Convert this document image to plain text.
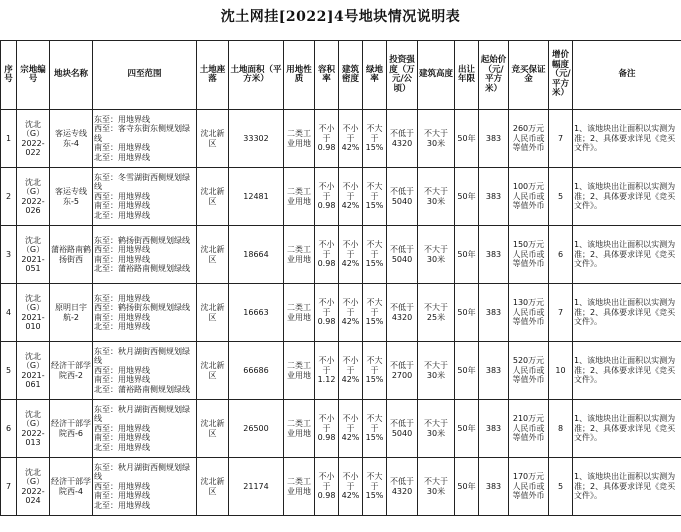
沈土网挂[2022]4号地块情况说明表
序号	宗地编号	地块名称	四至范围	土地座落	土地面积（平方米）	用地性质	容积率	建筑密度	绿地率	投资强度（万元/公顷）	建筑高度	出让年限	起始价（元/平方米）	竞买保证金	增价幅度（元/平方米）	备注
1	沈北（G）2022-022	客运专线东-4	东至：用地界线
西至：客寺东街东侧规划绿线
南至：用地界线
北至：用地界线	沈北新区	33302	二类工业用地	不小于0.98	不小于42%	不大于15%	不低于4320	不大于30米	50年	383	260万元人民币或等值外币	7	1、该地块出让面积以实测为准；2、具体要求详见《竞买文件》。
2	沈北（G）2022-026	客运专线东-5	东至：冬雪湖街西侧规划绿线
西至：用地界线
南至：用地界线
北至：用地界线	沈北新区	12481	二类工业用地	不小于0.98	不小于42%	不大于15%	不低于5040	不大于30米	50年	383	100万元人民币或等值外币	5	1、该地块出让面积以实测为准；2、具体要求详见《竞买文件》。
3	沈北（G）2021-051	蒲裕路南鹤扬街西	东至：鹤扬街西侧规划绿线
西至：用地界线
南至：用地界线
北至：蒲裕路南侧规划绿线	沈北新区	18664	二类工业用地	不小于0.98	不小于42%	不大于15%	不低于5040	不大于30米	50年	383	150万元人民币或等值外币	6	1、该地块出让面积以实测为准；2、具体要求详见《竞买文件》。
4	沈北（G）2021-010	原明日宇航-2	东至：用地界线
西至：鹤扬街东侧规划绿线
南至：用地界线
北至：用地界线	沈北新区	16663	二类工业用地	不小于0.98	不小于42%	不大于15%	不低于4320	不大于25米	50年	383	130万元人民币或等值外币	7	1、该地块出让面积以实测为准；2、具体要求详见《竞买文件》。
5	沈北（G）2021-061	经济干部学院西-2	东至：秋月湖街西侧规划绿线
西至：用地界线
南至：用地界线
北至：蒲裕路南侧规划绿线	沈北新区	66686	二类工业用地	不小于1.12	不小于42%	不大于15%	不低于2700	不大于30米	50年	383	520万元人民币或等值外币	10	1、该地块出让面积以实测为准；2、具体要求详见《竞买文件》。
6	沈北（G）2022-013	经济干部学院西-6	东至：秋月湖街西侧规划绿线
西至：用地界线
南至：用地界线
北至：用地界线	沈北新区	26500	二类工业用地	不小于0.98	不小于42%	不大于15%	不低于5040	不大于30米	50年	383	210万元人民币或等值外币	8	1、该地块出让面积以实测为准；2、具体要求详见《竞买文件》。
7	沈北（G）2022-024	经济干部学院西-4	东至：秋月湖街西侧规划绿线
西至：用地界线
南至：用地界线
北至：用地界线	沈北新区	21174	二类工业用地	不小于0.98	不小于42%	不大于15%	不低于4320	不大于30米	50年	383	170万元人民币或等值外币	5	1、该地块出让面积以实测为准；2、具体要求详见《竞买文件》。
